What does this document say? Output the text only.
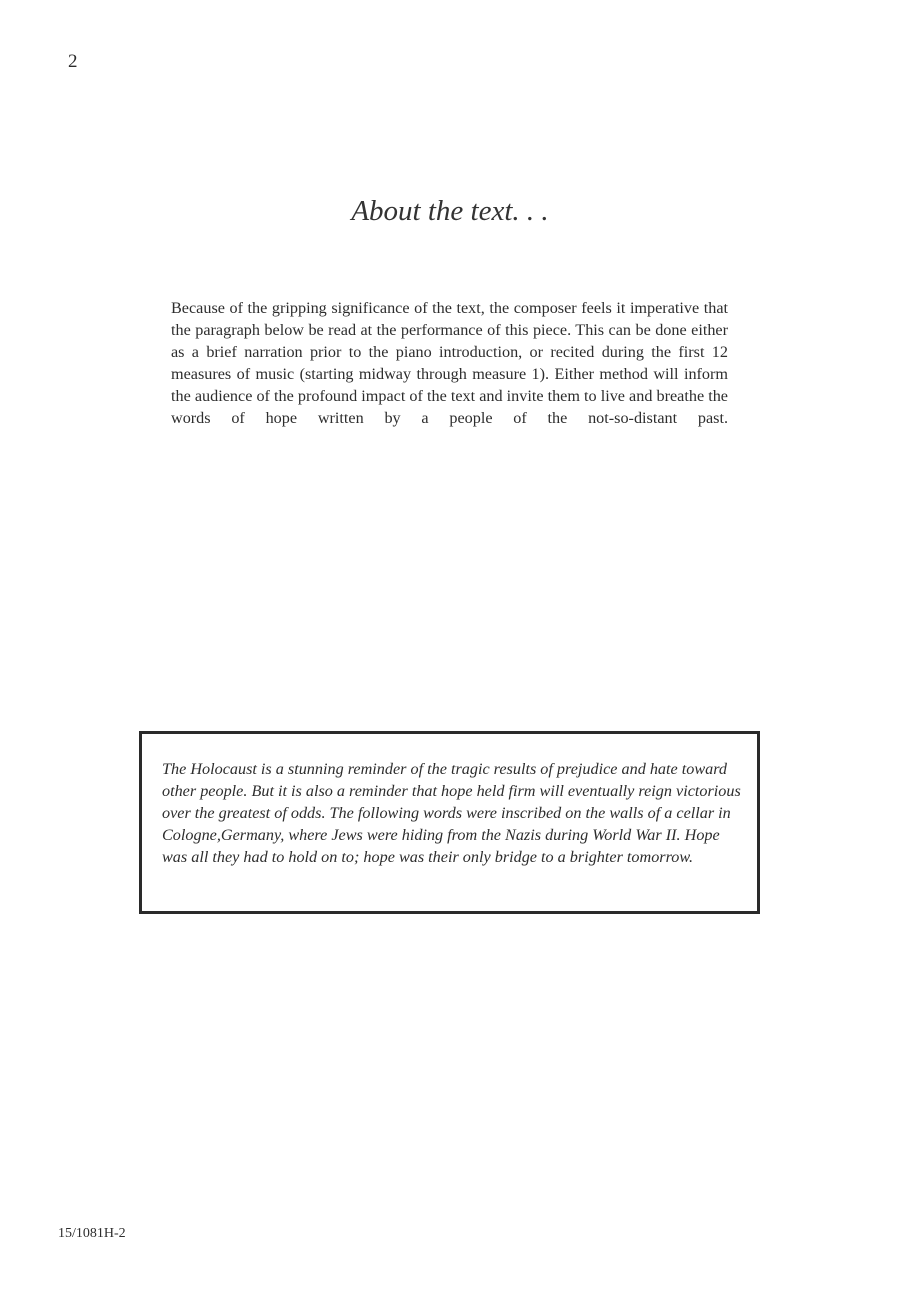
2
About the text. . .

Because of the gripping significance of the text, the composer feels it imperative that the paragraph below be read at the performance of this piece. This can be done either as a brief narration prior to the piano introduction, or recited during the first 12 measures of music (starting midway through measure 1). Either method will inform the audience of the profound impact of the text and invite them to live and breathe the words of hope written by a people of the not-so-distant past.

The Holocaust is a stunning reminder of the tragic results of prejudice and hate toward other people. But it is also a reminder that hope held firm will eventually reign victorious over the greatest of odds. The following words were inscribed on the walls of a cellar in Cologne,Germany, where Jews were hiding from the Nazis during World War II. Hope was all they had to hold on to; hope was their only bridge to a brighter tomorrow.

15/1081H-2
